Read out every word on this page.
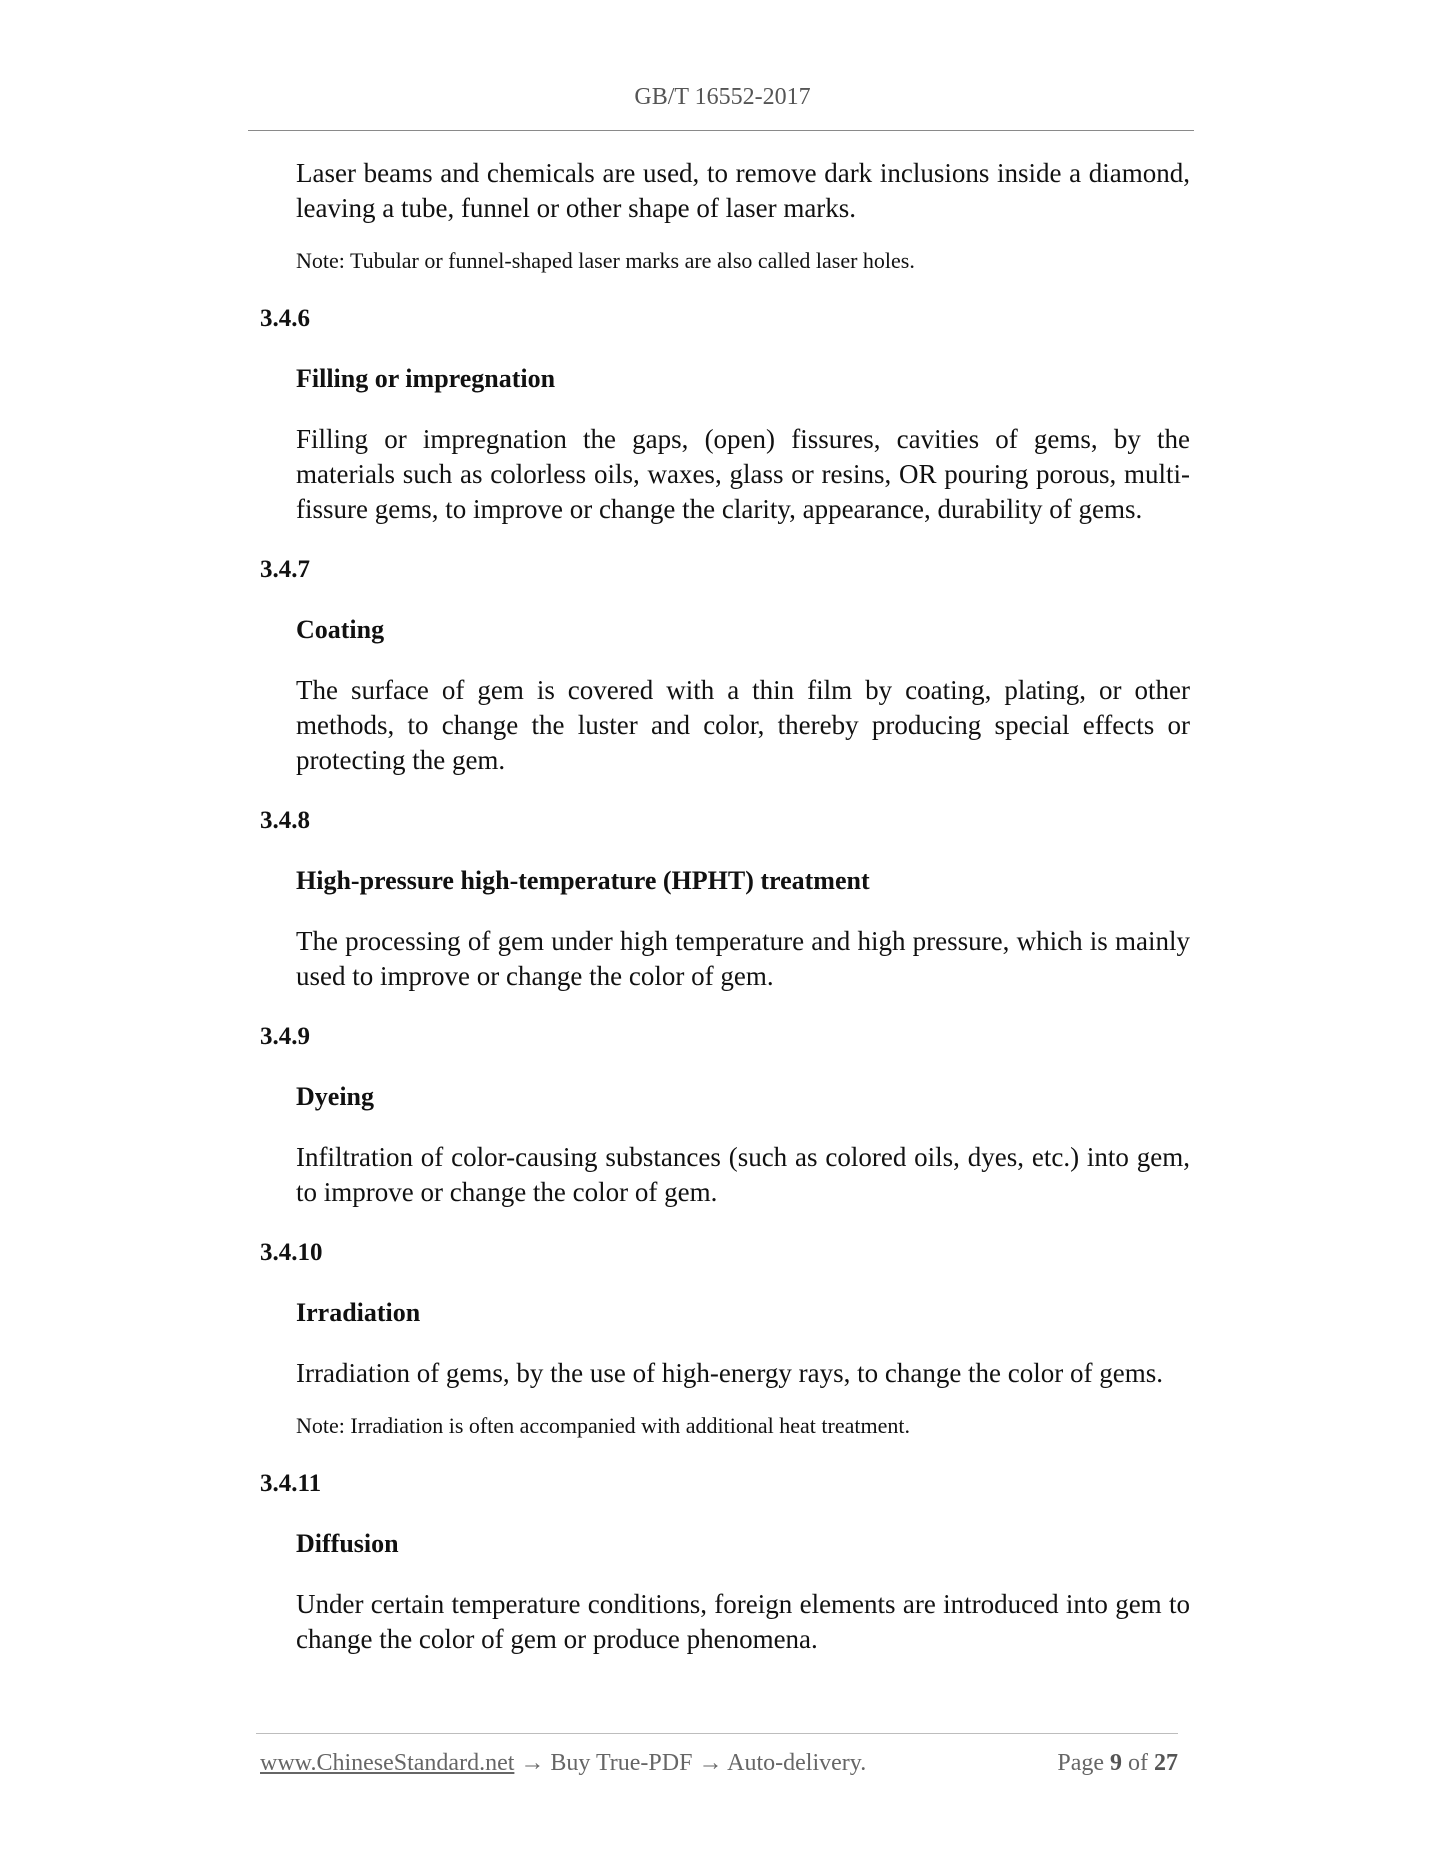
GB/T 16552-2017

Laser beams and chemicals are used, to remove dark inclusions inside a diamond, leaving a tube, funnel or other shape of laser marks.

Note: Tubular or funnel-shaped laser marks are also called laser holes.

3.4.6
Filling or impregnation

Filling or impregnation the gaps, (open) fissures, cavities of gems, by the materials such as colorless oils, waxes, glass or resins, OR pouring porous, multi-fissure gems, to improve or change the clarity, appearance, durability of gems.

3.4.7
Coating

The surface of gem is covered with a thin film by coating, plating, or other methods, to change the luster and color, thereby producing special effects or protecting the gem.

3.4.8
High-pressure high-temperature (HPHT) treatment

The processing of gem under high temperature and high pressure, which is mainly used to improve or change the color of gem.

3.4.9
Dyeing

Infiltration of color-causing substances (such as colored oils, dyes, etc.) into gem, to improve or change the color of gem.

3.4.10
Irradiation

Irradiation of gems, by the use of high-energy rays, to change the color of gems.

Note: Irradiation is often accompanied with additional heat treatment.

3.4.11
Diffusion

Under certain temperature conditions, foreign elements are introduced into gem to change the color of gem or produce phenomena.

www.ChineseStandard.net → Buy True-PDF → Auto-delivery.	Page 9 of 27
